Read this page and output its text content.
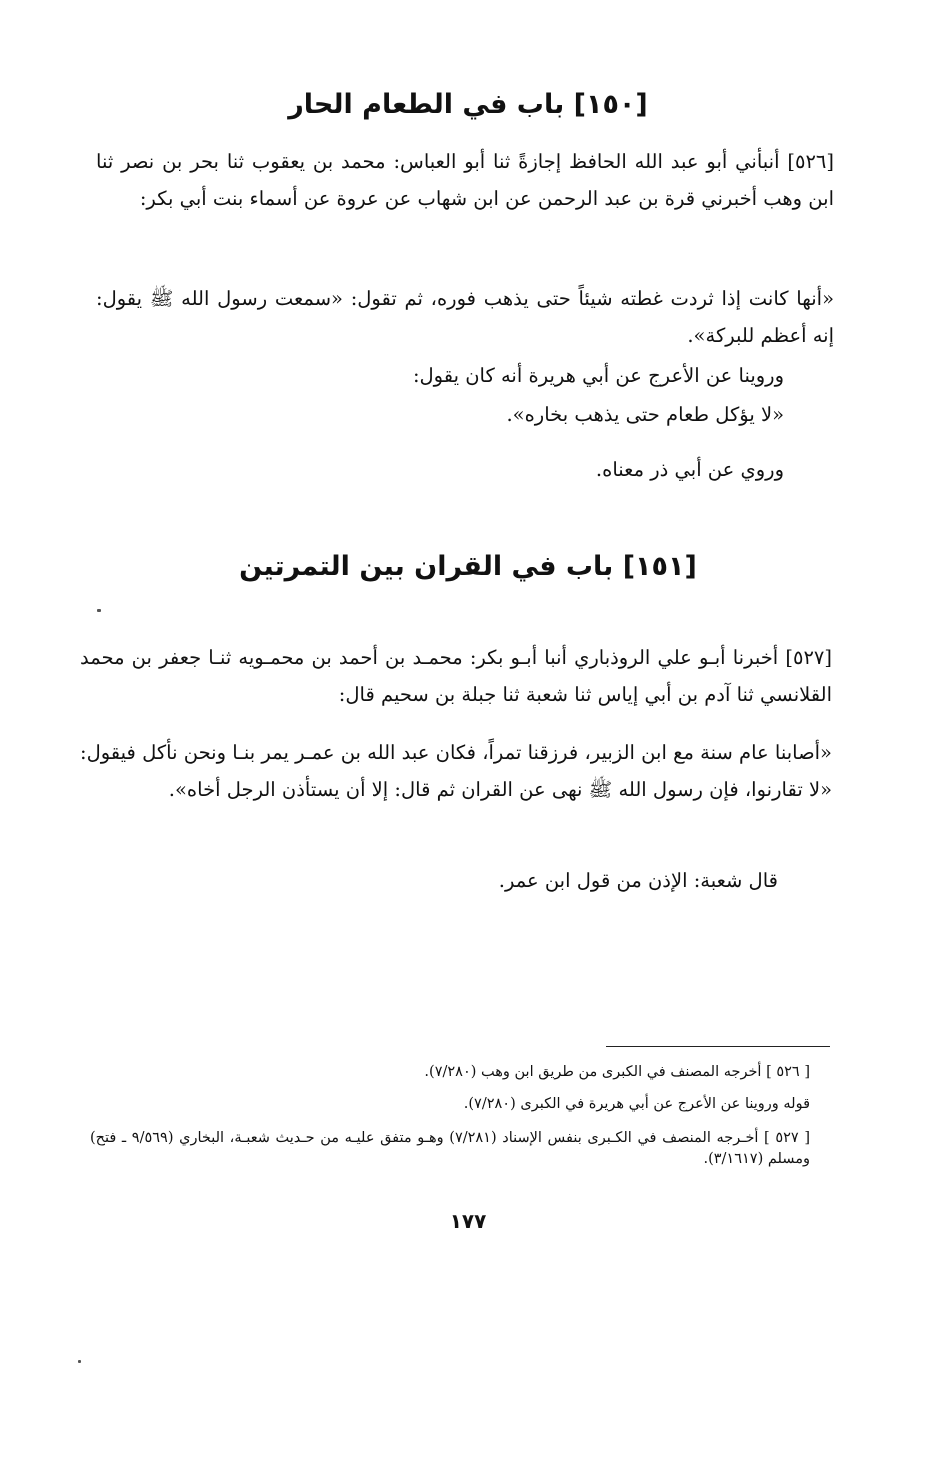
[١٥٠] باب في الطعام الحار
[٥٢٦] أنبأني أبو عبد الله الحافظ إجازةً ثنا أبو العباس: محمد بن يعقوب ثنا بحر بن نصر ثنا ابن وهب أخبرني قرة بن عبد الرحمن عن ابن شهاب عن عروة عن أسماء بنت أبي بكر:
«أنها كانت إذا ثردت غطته شيئاً حتى يذهب فوره، ثم تقول: «سمعت رسول الله ﷺ يقول: إنه أعظم للبركة».
وروينا عن الأعرج عن أبي هريرة أنه كان يقول:
«لا يؤكل طعام حتى يذهب بخاره».
وروي عن أبي ذر معناه.
[١٥١] باب في القران بين التمرتين
[٥٢٧] أخبرنا أبـو علي الروذباري أنبا أبـو بكر: محمـد بن أحمد بن محمـويه ثنـا جعفر بن محمد القلانسي ثنا آدم بن أبي إياس ثنا شعبة ثنا جبلة بن سحيم قال:
«أصابنا عام سنة مع ابن الزبير، فرزقنا تمراً، فكان عبد الله بن عمـر يمر بنـا ونحن نأكل فيقول: «لا تقارنوا، فإن رسول الله ﷺ نهى عن القران ثم قال: إلا أن يستأذن الرجل أخاه».
قال شعبة: الإذن من قول ابن عمر.
[ ٥٢٦ ] أخرجه المصنف في الكبرى من طريق ابن وهب (٧/٢٨٠).
قوله وروينا عن الأعرج عن أبي هريرة في الكبرى (٧/٢٨٠).
[ ٥٢٧ ] أخـرجه المنصف في الكـبرى بنفس الإسناد (٧/٢٨١) وهـو متفق عليـه من حـديث شعبـة، البخاري (٩/٥٦٩ ـ فتح) ومسلم (٣/١٦١٧).
١٧٧
